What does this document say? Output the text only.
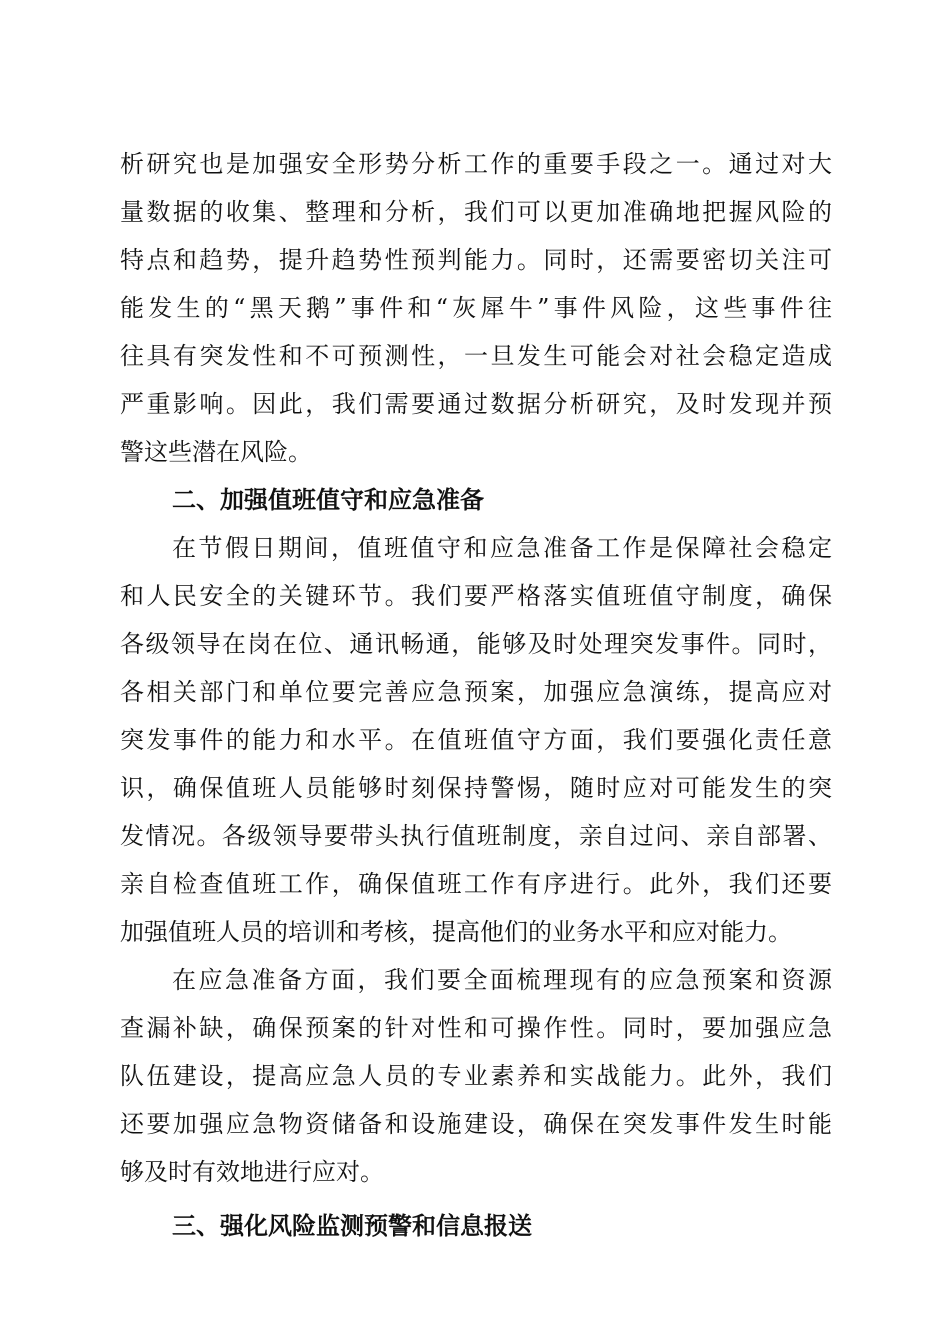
析研究也是加强安全形势分析工作的重要手段之一。通过对大
量数据的收集、整理和分析，我们可以更加准确地把握风险的
特点和趋势，提升趋势性预判能力。同时，还需要密切关注可
能发生的“黑天鹅”事件和“灰犀牛”事件风险，这些事件往
往具有突发性和不可预测性，一旦发生可能会对社会稳定造成
严重影响。因此，我们需要通过数据分析研究，及时发现并预
警这些潜在风险。
二、加强值班值守和应急准备
在节假日期间，值班值守和应急准备工作是保障社会稳定
和人民安全的关键环节。我们要严格落实值班值守制度，确保
各级领导在岗在位、通讯畅通，能够及时处理突发事件。同时，
各相关部门和单位要完善应急预案，加强应急演练，提高应对
突发事件的能力和水平。在值班值守方面，我们要强化责任意
识，确保值班人员能够时刻保持警惕，随时应对可能发生的突
发情况。各级领导要带头执行值班制度，亲自过问、亲自部署、
亲自检查值班工作，确保值班工作有序进行。此外，我们还要
加强值班人员的培训和考核，提高他们的业务水平和应对能力。
在应急准备方面，我们要全面梳理现有的应急预案和资源
查漏补缺，确保预案的针对性和可操作性。同时，要加强应急
队伍建设，提高应急人员的专业素养和实战能力。此外，我们
还要加强应急物资储备和设施建设，确保在突发事件发生时能
够及时有效地进行应对。
三、强化风险监测预警和信息报送
